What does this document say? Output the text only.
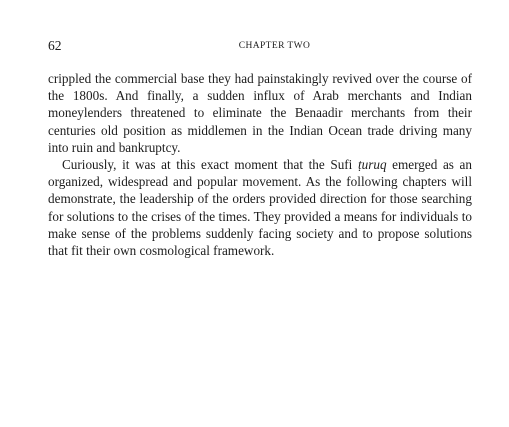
62	CHAPTER TWO

crippled the commercial base they had painstakingly revived over the course of the 1800s. And finally, a sudden influx of Arab merchants and Indian moneylenders threatened to eliminate the Benaadir merchants from their centuries old position as middlemen in the Indian Ocean trade driving many into ruin and bankruptcy.

Curiously, it was at this exact moment that the Sufi ṭuruq emerged as an organized, widespread and popular movement. As the following chapters will demonstrate, the leadership of the orders provided direction for those searching for solutions to the crises of the times. They provided a means for individuals to make sense of the problems suddenly facing society and to propose solutions that fit their own cosmological framework.
